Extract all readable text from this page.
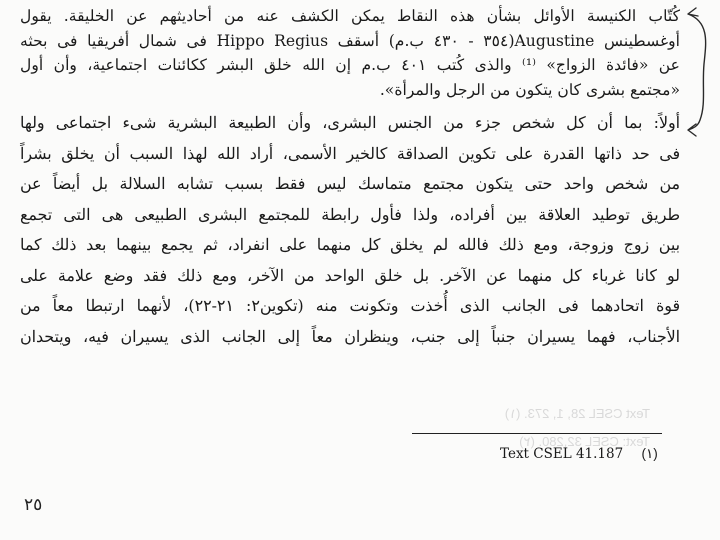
Text CSEL 28, 1, 273. (١)
Text: CSEL 32,280. (٢)
كُتّاب الكنيسة الأوائل بشأن هذه النقاط يمكن الكشف عنه من أحاديثهم عن الخليقة. يقول
أوغسطينس Augustine(٣٥٤ - ٤٣٠ ب.م) أسقف Hippo Regius فى شمال أفريقيا فى بحثه
عن «فائدة الزواج» ⁽¹⁾ والذى كُتب ٤٠١ ب.م إن الله خلق البشر ككائنات اجتماعية، وأن أول
«مجتمع بشرى كان يتكون من الرجل والمرأة».
أولاً: بما أن كل شخص جزء من الجنس البشرى، وأن الطبيعة البشرية شىء اجتماعى ولها
فى حد ذاتها القدرة على تكوين الصداقة كالخير الأسمى، أراد الله لهذا السبب أن يخلق بشراً
من شخص واحد حتى يتكون مجتمع متماسك ليس فقط بسبب تشابه السلالة بل أيضاً عن
طريق توطيد العلاقة بين أفراده، ولذا فأول رابطة للمجتمع البشرى الطبيعى هى التى تجمع
بين زوج وزوجة، ومع ذلك فالله لم يخلق كل منهما على انفراد، ثم يجمع بينهما بعد ذلك كما
لو كانا غرباء كل منهما عن الآخر. بل خلق الواحد من الآخر، ومع ذلك فقد وضع علامة على
قوة اتحادهما فى الجانب الذى أُخذت وتكونت منه (تكوين٢: ٢١-٢٢)، لأنهما ارتبطا معاً من
الأجناب، فهما يسيران جنباً إلى جنب، وينظران معاً إلى الجانب الذى يسيران فيه، ويتحدان
Text CSEL 41.187 (١)
٢٥
